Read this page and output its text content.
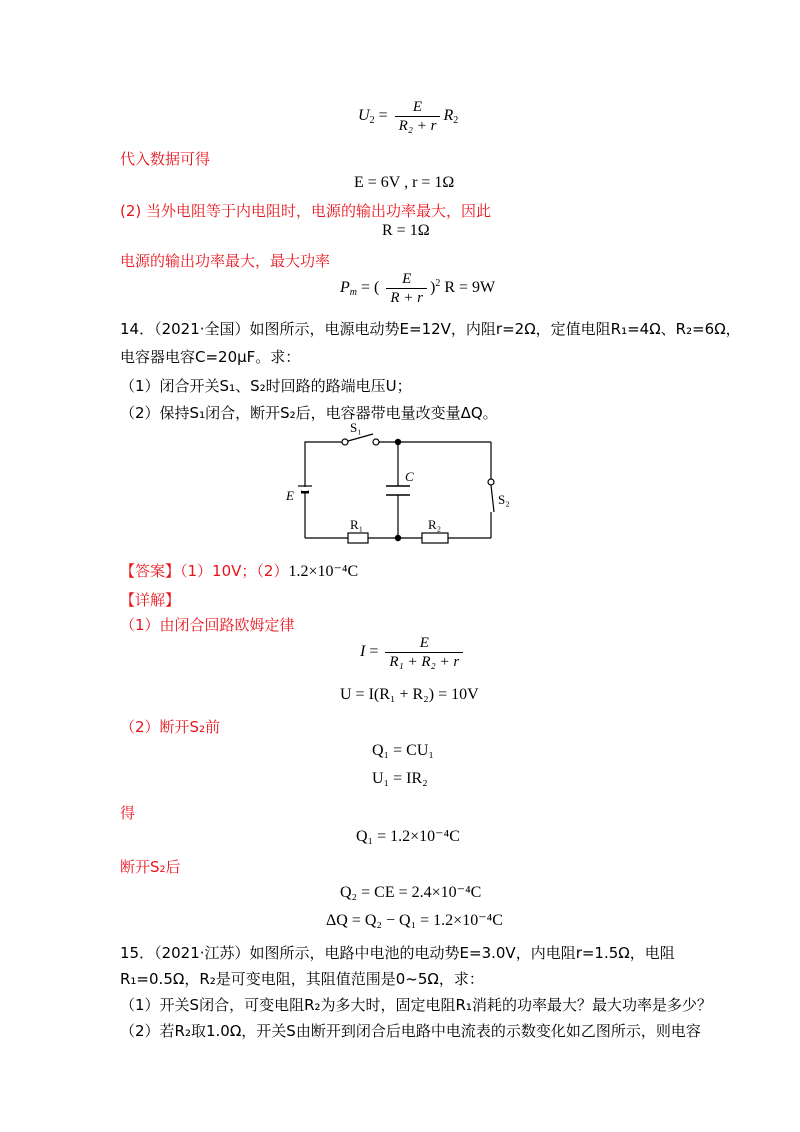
$U_2 = \frac{E}{\text{R₂ + r}} R_2$
代入数据可得
E = 6V , r = 1Ω
(2) 当外电阻等于内电阻时，电源的输出功率最大，因此
R = 1Ω
电源的输出功率最大，最大功率
$P_m$ = ( $\frac{E}{R + r} )^2$ R = 9W
14．（2021·全国）如图所示，电源电动势E=12V，内阻r=2Ω，定值电阻R₁=4Ω、R₂=6Ω，
电容器电容C=20μF。求：
（1）闭合开关S₁、S₂时回路的路端电压U；
（2）保持S₁闭合，断开S₂后，电容器带电量改变量ΔQ。
S₁
E
C
S₂
R₁	R₂
【答案】（1）10V；（2）1.2×10⁻⁴C
【详解】
（1）由闭合回路欧姆定律
$I = \frac{E}{\text{R₁ + R₂ + r}}$
U = I(R₁ + R₂) = 10V
（2）断开S₂前
Q₁ = CU₁
U₁ = IR₂
得
Q₁ = 1.2×10⁻⁴C
断开S₂后
Q₂ = CE = 2.4×10⁻⁴C
ΔQ = Q₂ − Q₁ = 1.2×10⁻⁴C
15．（2021·江苏）如图所示，电路中电池的电动势E=3.0V，内电阻r=1.5Ω，电阻
R₁=0.5Ω，R₂是可变电阻，其阻值范围是0~5Ω，求：
（1）开关S闭合，可变电阻R₂为多大时，固定电阻R₁消耗的功率最大？最大功率是多少？
（2）若R₂取1.0Ω，开关S由断开到闭合后电路中电流表的示数变化如乙图所示，则电容
